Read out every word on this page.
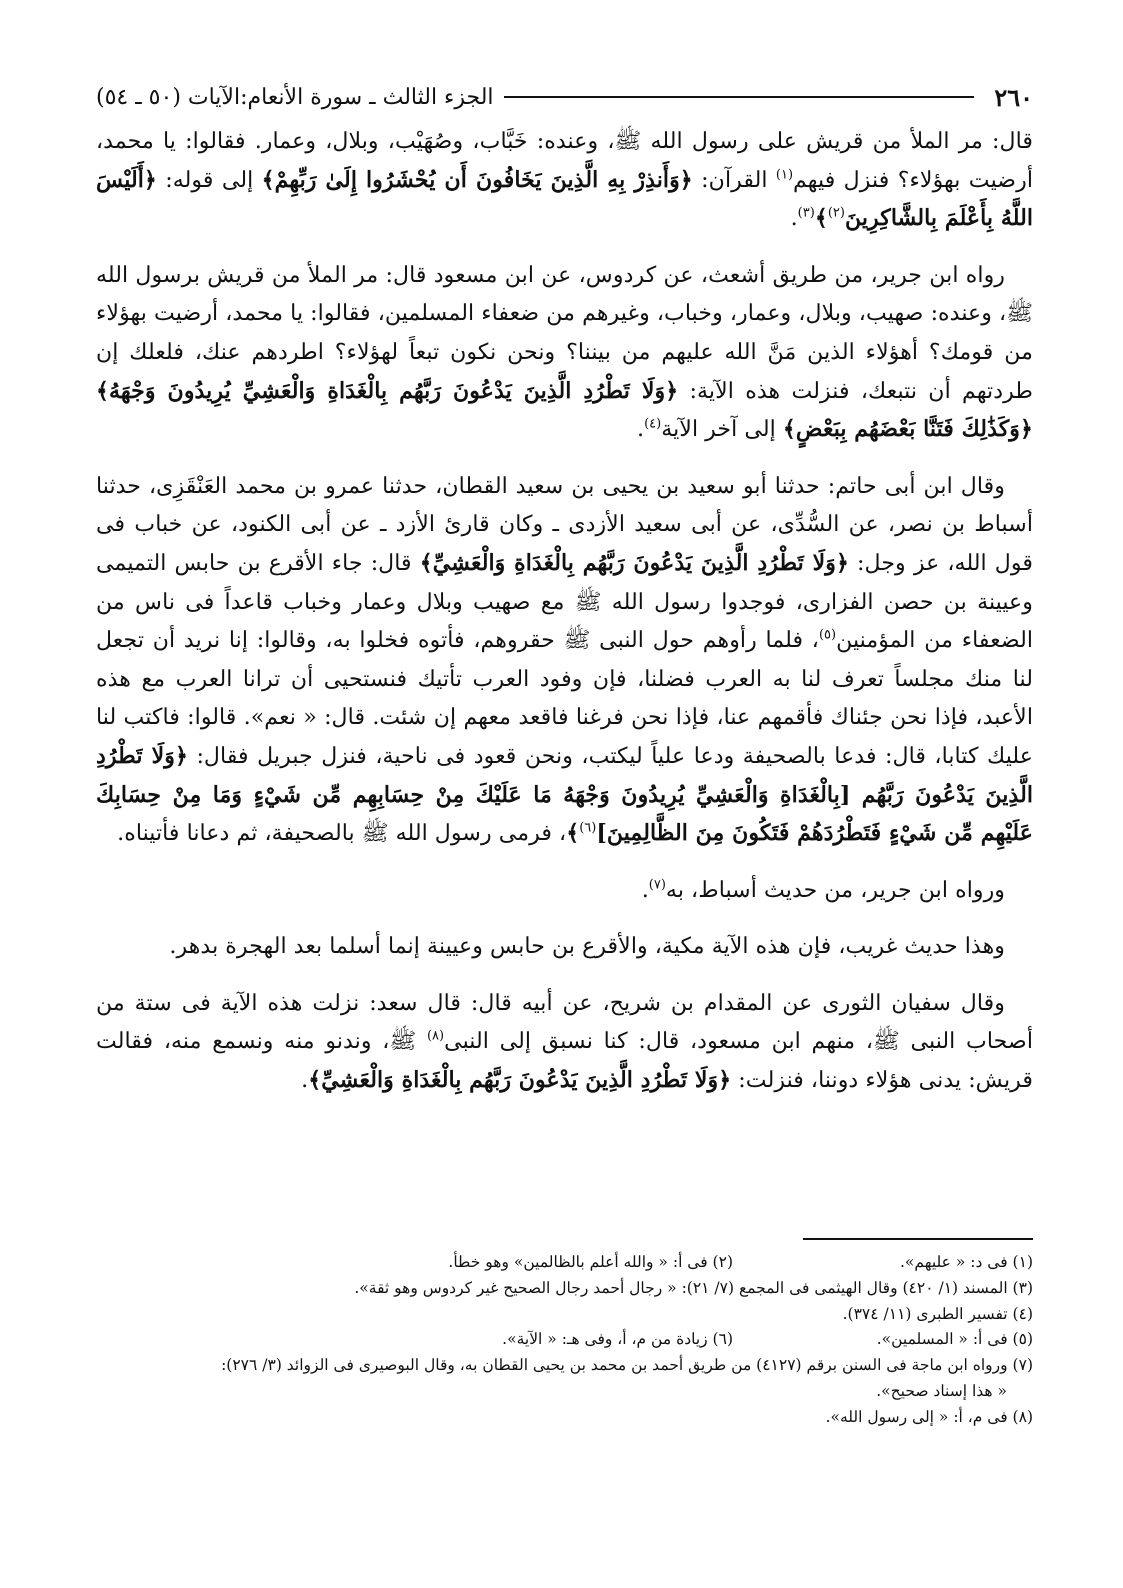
٢٦٠
الجزء الثالث ـ سورة الأنعام:الآيات (٥٠ ـ ٥٤)

قال: مر الملأ من قريش على رسول الله ﷺ، وعنده: خَبَّاب، وصُهَيْب، وبلال، وعمار. فقالوا: يا محمد، أرضيت بهؤلاء؟ فنزل فيهم$^{(١)}$ القرآن: ﴿وَأَنذِرْ بِهِ الَّذِينَ يَخَافُونَ أَن يُحْشَرُوا إِلَىٰ رَبِّهِمْ﴾ إلى قوله: ﴿أَلَيْسَ اللَّهُ بِأَعْلَمَ بِالشَّاكِرِينَ$^{(٢)}$﴾$^{(٣)}$.

رواه ابن جرير، من طريق أشعث، عن كردوس، عن ابن مسعود قال: مر الملأ من قريش برسول الله ﷺ، وعنده: صهيب، وبلال، وعمار، وخباب، وغيرهم من ضعفاء المسلمين، فقالوا: يا محمد، أرضيت بهؤلاء من قومك؟ أهؤلاء الذين مَنَّ الله عليهم من بيننا؟ ونحن نكون تبعاً لهؤلاء؟ اطردهم عنك، فلعلك إن طردتهم أن نتبعك، فنزلت هذه الآية: ﴿وَلَا تَطْرُدِ الَّذِينَ يَدْعُونَ رَبَّهُم بِالْغَدَاةِ وَالْعَشِيِّ يُرِيدُونَ وَجْهَهُ﴾ ﴿وَكَذَٰلِكَ فَتَنَّا بَعْضَهُم بِبَعْضٍ﴾ إلى آخر الآية$^{(٤)}$.

وقال ابن أبى حاتم: حدثنا أبو سعيد بن يحيى بن سعيد القطان، حدثنا عمرو بن محمد العَنْقَزِى، حدثنا أسباط بن نصر، عن السُّدِّى، عن أبى سعيد الأزدى ـ وكان قارئ الأزد ـ عن أبى الكنود، عن خباب فى قول الله، عز وجل: ﴿وَلَا تَطْرُدِ الَّذِينَ يَدْعُونَ رَبَّهُم بِالْغَدَاةِ وَالْعَشِيِّ﴾ قال: جاء الأقرع بن حابس التميمى وعيينة بن حصن الفزارى، فوجدوا رسول الله ﷺ مع صهيب وبلال وعمار وخباب قاعداً فى ناس من الضعفاء من المؤمنين$^{(٥)}$، فلما رأوهم حول النبى ﷺ حقروهم، فأتوه فخلوا به، وقالوا: إنا نريد أن تجعل لنا منك مجلساً تعرف لنا به العرب فضلنا، فإن وفود العرب تأتيك فنستحيى أن ترانا العرب مع هذه الأعبد، فإذا نحن جئناك فأقمهم عنا، فإذا نحن فرغنا فاقعد معهم إن شئت. قال: « نعم». قالوا: فاكتب لنا عليك كتابا، قال: فدعا بالصحيفة ودعا علياً ليكتب، ونحن قعود فى ناحية، فنزل جبريل فقال: ﴿وَلَا تَطْرُدِ الَّذِينَ يَدْعُونَ رَبَّهُم [بِالْغَدَاةِ وَالْعَشِيِّ يُرِيدُونَ وَجْهَهُ مَا عَلَيْكَ مِنْ حِسَابِهِم مِّن شَيْءٍ وَمَا مِنْ حِسَابِكَ عَلَيْهِم مِّن شَيْءٍ فَتَطْرُدَهُمْ فَتَكُونَ مِنَ الظَّالِمِينَ]$^{(٦)}$﴾، فرمى رسول الله ﷺ بالصحيفة، ثم دعانا فأتيناه.

ورواه ابن جرير، من حديث أسباط، به$^{(٧)}$.

وهذا حديث غريب، فإن هذه الآية مكية، والأقرع بن حابس وعيينة إنما أسلما بعد الهجرة بدهر.

وقال سفيان الثورى عن المقدام بن شريح، عن أبيه قال: قال سعد: نزلت هذه الآية فى ستة من أصحاب النبى ﷺ، منهم ابن مسعود، قال: كنا نسبق إلى النبى$^{(٨)}$ ﷺ، وندنو منه ونسمع منه، فقالت قريش: يدنى هؤلاء دوننا، فنزلت: ﴿وَلَا تَطْرُدِ الَّذِينَ يَدْعُونَ رَبَّهُم بِالْغَدَاةِ وَالْعَشِيِّ﴾.

(١) فى د: « عليهم».
(٢) فى أ: « والله أعلم بالظالمين» وهو خطأ.

(٣) المسند (١/ ٤٢٠) وقال الهيثمى فى المجمع (٧/ ٢١): « رجال أحمد رجال الصحيح غير كردوس وهو ثقة».

(٤) تفسير الطبرى (١١/ ٣٧٤).

(٥) فى أ: « المسلمين».
(٦) زيادة من م، أ، وفى هـ: « الآية».

(٧) ورواه ابن ماجة فى السنن برقم (٤١٢٧) من طريق أحمد بن محمد بن يحيى القطان به، وقال البوصيرى فى الزوائد (٣/ ٢٧٦):

« هذا إسناد صحيح».

(٨) فى م، أ: « إلى رسول الله».
